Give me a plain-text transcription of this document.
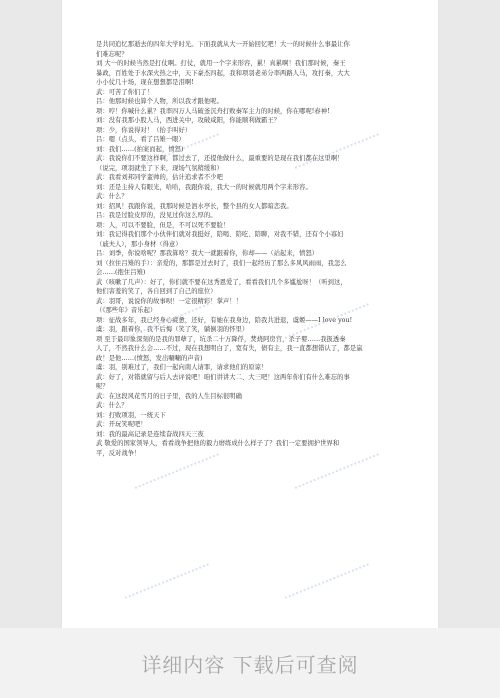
是共同追忆那逝去的四年大学时光。下面我就从大一开始回忆吧！大一的时候什么事最让你
们难忘呢？
刘 大一的时候当然是打仗啊。打仗，就用一个字来形容，累！真累啊！我们那时候，秦王
暴政，百姓处于水深火热之中，天下豪杰四起，我和项羽老弟分率两路人马，攻打秦，大大
小小仗几十场，现在想想都是泪啊!
武：可苦了你们了！
吕：他那时候也算个人物，所以我才跟他呢。
项：哼！你喊什么累？我率四万人马破釜沉舟打败秦军主力的时候，你在哪呢!舂神!
刘：没有我那小股人马，西进关中，攻破咸阳，你能顺利做霸王？
项：少，你说得对！（抬手叫好）
吕：嗯（点头，看了吕雉一眼）
刘：我们……(拍案而起，愤怒)
武：我说你们不要这样啊，都过去了，还提他做什么，最重要的是现在我们都在这里啊！
（说完，项羽就坐了下来，现场气氛稍缓和）
武：我看刘邦同学蛮帅的，估计追求者不少吧
刘：还是主持人有眼光，哈哈，我跟你说，我大一的时候就用两个字来形容。
武：什么？
刘：招风！我跟你说，我那时候是泗水亭长，整个县的女人都暗恋我。
吕：我是过脸皮厚的，没见过你这么厚的。
项：人，可以不要脸，但是，不可以死不要脸！
刘：我记得我们那个小伙伴们就对我挺好，陪喝、陪吃、陪聊，对我不错，还有个小寡妇
（戚夫人），那小身材（得意）
吕：刘季，你说啥呢？那我算啥？我大一就跟着你，你却——（站起来，愤怒）
刘（拉住吕雉的手）：亲爱的，那都是过去时了，我们一起经历了那么多风风雨雨，我怎么
会……(抱住吕雉)
武（咳嗽了几声）：好了，你们就不要在这秀恩爱了，看看我们几个多尴尬呀！（听到这，
他们害羞的笑了，各自回到了自己的座位）
武：羽哥，说说你的故事呗！一定很精彩！掌声！！
（《那些年》音乐起）
项：征战多年，我已经身心疲惫，还好，有她在我身边，陪我共进退，虞姬——I love you!
虞：羽，跟着你，我不后悔（笑了笑，躺倒羽的怀里）
项 至于最印象深刻的是我的罪孽了，坑杀二十万降俘，焚烧阿房宫，杀子婴……我扱透秦
人了，不然我什么会……不过，现在我想明白了，宽有失，债有主，我一直都想错认了，都是嬴
政！是他……(愤怒，发出唰唰的声音)
虞：羽，别难过了，我们一起向南人请罪，请求他们的原谅！
武：好了，对错就留与后人去评说吧！咱们讲讲大二、大三吧！这两年你们有什么难忘的事
呢？
武：在这段风花雪月的日子里，我的人生目标很明确
武：什么？
刘：打败项羽，一统天下
武：开玩笑呢吧！
刘：我的最高记录是连续奋战四天三夜
武 敬爱的国家领导人，看看战争把他的毅力磨练成什么样子了？我们一定要拥护世界和
平，反对战争！
详细内容 下载后可查阅
